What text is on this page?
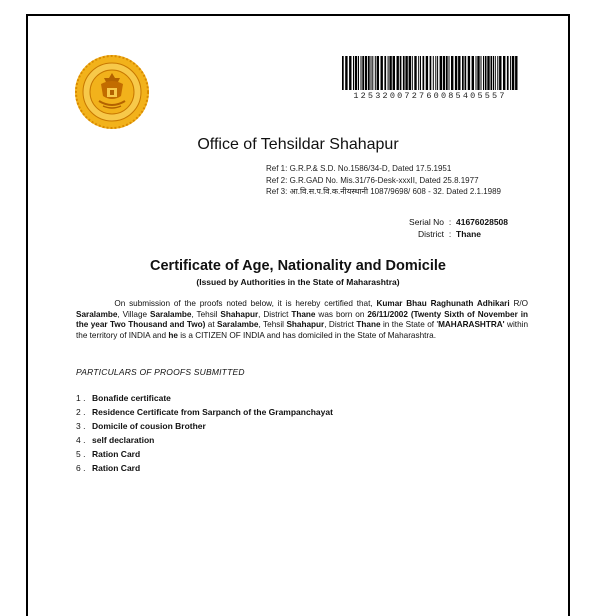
125320072760085405557
Office of Tehsildar Shahapur
Ref 1: G.R.P.& S.D. No.1586/34-D, Dated 17.5.1951
Ref 2: G.R.GAD No. Mis.31/76-Desk-xxxII, Dated 25.8.1977
Ref 3: आ.वि.स.प.वि.क.नीयस्थानी 1087/9698/ 608 - 32. Dated 2.1.1989
Serial No : 41676028508
District : Thane
Certificate of Age, Nationality and Domicile
(Issued by Authorities in the State of Maharashtra)
On submission of the proofs noted below, it is hereby certified that, Kumar Bhau Raghunath Adhikari R/O Saralambe, Village Saralambe, Tehsil Shahapur, District Thane was born on 26/11/2002 (Twenty Sixth of November in the year Two Thousand and Two) at Saralambe, Tehsil Shahapur, District Thane in the State of 'MAHARASHTRA' within the territory of INDIA and he is a CITIZEN OF INDIA and has domiciled in the State of Maharashtra.
PARTICULARS OF PROOFS SUBMITTED
1 . Bonafide certificate
2 . Residence Certificate from Sarpanch of the Grampanchayat
3 . Domicile of cousion Brother
4 . self declaration
5 . Ration Card
6 . Ration Card
